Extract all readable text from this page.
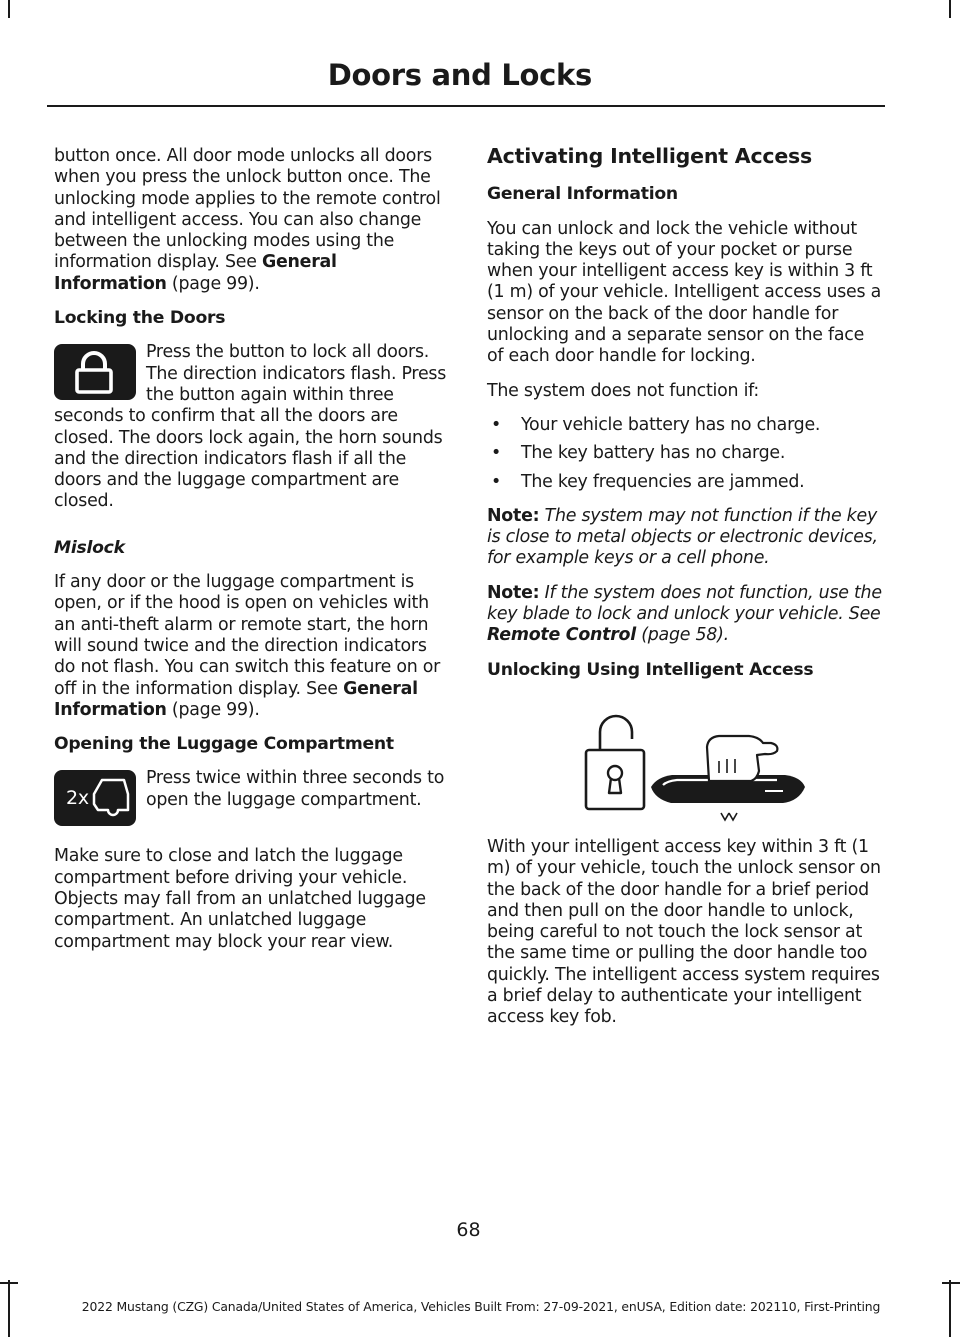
Doors and Locks

button once. All door mode unlocks all doors when you press the unlock button once. The unlocking mode applies to the remote control and intelligent access. You can also change between the unlocking modes using the information display. See General Information (page 99).

Locking the Doors
Press the button to lock all doors. The direction indicators flash. Press the button again within three seconds to confirm that all the doors are closed. The doors lock again, the horn sounds and the direction indicators flash if all the doors and the luggage compartment are closed.
Mislock

If any door or the luggage compartment is open, or if the hood is open on vehicles with an anti-theft alarm or remote start, the horn will sound twice and the direction indicators do not flash. You can switch this feature on or off in the information display. See General Information (page 99).

Opening the Luggage Compartment
2x
Press twice within three seconds to open the luggage compartment.

Make sure to close and latch the luggage compartment before driving your vehicle. Objects may fall from an unlatched luggage compartment. An unlatched luggage compartment may block your rear view.

Activating Intelligent Access
General Information

You can unlock and lock the vehicle without taking the keys out of your pocket or purse when your intelligent access key is within 3 ft (1 m) of your vehicle. Intelligent access uses a sensor on the back of the door handle for unlocking and a separate sensor on the face of each door handle for locking.

The system does not function if:

• Your vehicle battery has no charge.
• The key battery has no charge.
• The key frequencies are jammed.

Note: The system may not function if the key is close to metal objects or electronic devices, for example keys or a cell phone.

Note: If the system does not function, use the key blade to lock and unlock your vehicle. See Remote Control (page 58).

Unlocking Using Intelligent Access

With your intelligent access key within 3 ft (1 m) of your vehicle, touch the unlock sensor on the back of the door handle for a brief period and then pull on the door handle to unlock, being careful to not touch the lock sensor at the same time or pulling the door handle too quickly. The intelligent access system requires a brief delay to authenticate your intelligent access key fob.

68
2022 Mustang (CZG) Canada/United States of America, Vehicles Built From: 27-09-2021, enUSA, Edition date: 202110, First-Printing
